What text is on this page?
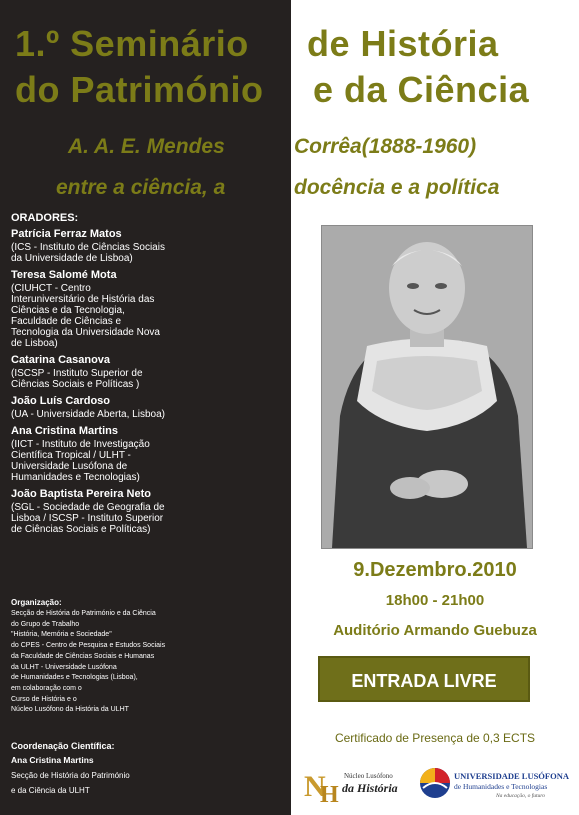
1.º Seminário de História
do Património e da Ciência
A. A. E. Mendes	Corrêa(1888-1960)
entre a ciência, a	docência e a política
ORADORES:
Patrícia Ferraz Matos
(ICS - Instituto de Ciências Sociais
da Universidade de Lisboa)
Teresa Salomé Mota
(CIUHCT - Centro
Interuniversitário de História das
Ciências e da Tecnologia,
Faculdade de Ciências e
Tecnologia da Universidade Nova
de Lisboa)
Catarina Casanova
(ISCSP - Instituto Superior de
Ciências Sociais e Políticas )
João Luís Cardoso
(UA - Universidade Aberta, Lisboa)
Ana Cristina Martins
(IICT - Instituto de Investigação
Científica Tropical / ULHT -
Universidade Lusófona de
Humanidades e Tecnologias)
João Baptista Pereira Neto
(SGL - Sociedade de Geografia de
Lisboa / ISCSP - Instituto Superior
de Ciências Sociais e Políticas)
Organização:
Secção de História do Património e da Ciência
do Grupo de Trabalho
"História, Memória e Sociedade"
do CPES - Centro de Pesquisa e Estudos Sociais
da Faculdade de Ciências Sociais e Humanas
da ULHT - Universidade Lusófona
de Humanidades e Tecnologias (Lisboa),
em colaboração com o
Curso de História e o
Núcleo Lusófono da História da ULHT
Coordenação Científica:
Ana Cristina Martins
Secção de História do Património
e da Ciência da ULHT
9.Dezembro.2010
18h00 - 21h00
Auditório Armando Guebuza
ENTRADA LIVRE
Certificado de Presença de 0,3 ECTS
N
H
Núcleo Lusófono
da História
UNIVERSIDADE LUSÓFONA
de Humanidades e Tecnologias
Na educação, o futuro
